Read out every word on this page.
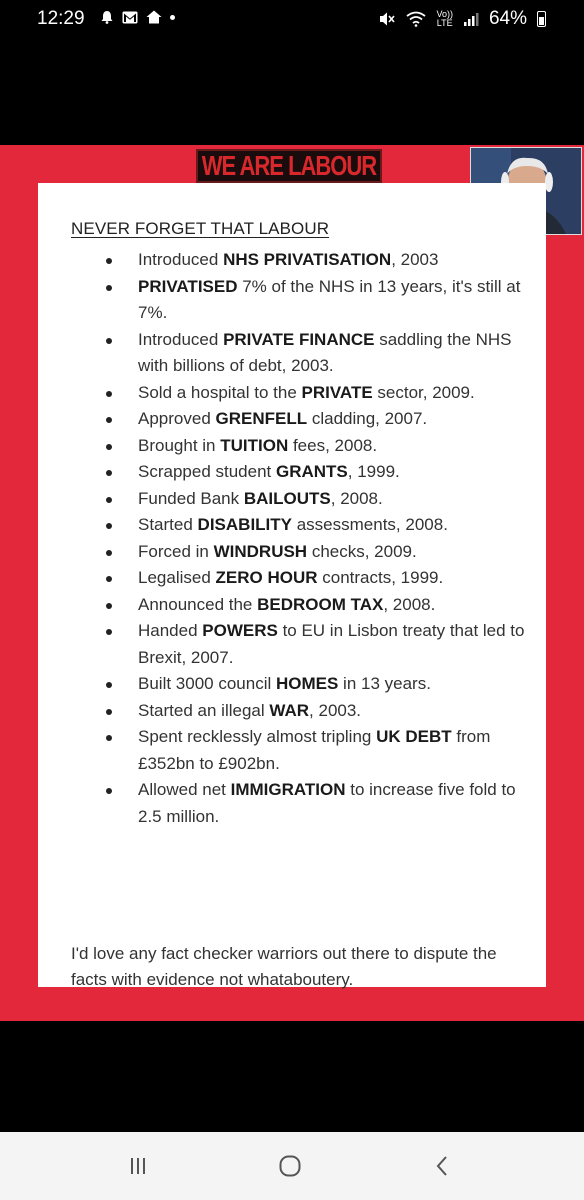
12:29	Vo))
LTE 64%
WE ARE LABOUR
NEVER FORGET THAT LABOUR
Introduced NHS PRIVATISATION, 2003
PRIVATISED 7% of the NHS in 13 years, it's still at 7%.
Introduced PRIVATE FINANCE saddling the NHS with billions of debt, 2003.
Sold a hospital to the PRIVATE sector, 2009.
Approved GRENFELL cladding, 2007.
Brought in TUITION fees, 2008.
Scrapped student GRANTS, 1999.
Funded Bank BAILOUTS, 2008.
Started DISABILITY assessments, 2008.
Forced in WINDRUSH checks, 2009.
Legalised ZERO HOUR contracts, 1999.
Announced the BEDROOM TAX, 2008.
Handed POWERS to EU in Lisbon treaty that led to Brexit, 2007.
Built 3000 council HOMES in 13 years.
Started an illegal WAR, 2003.
Spent recklessly almost tripling UK DEBT from £352bn to £902bn.
Allowed net IMMIGRATION to increase five fold to 2.5 million.
I'd love any fact checker warriors out there to dispute the facts with evidence not whataboutery.
